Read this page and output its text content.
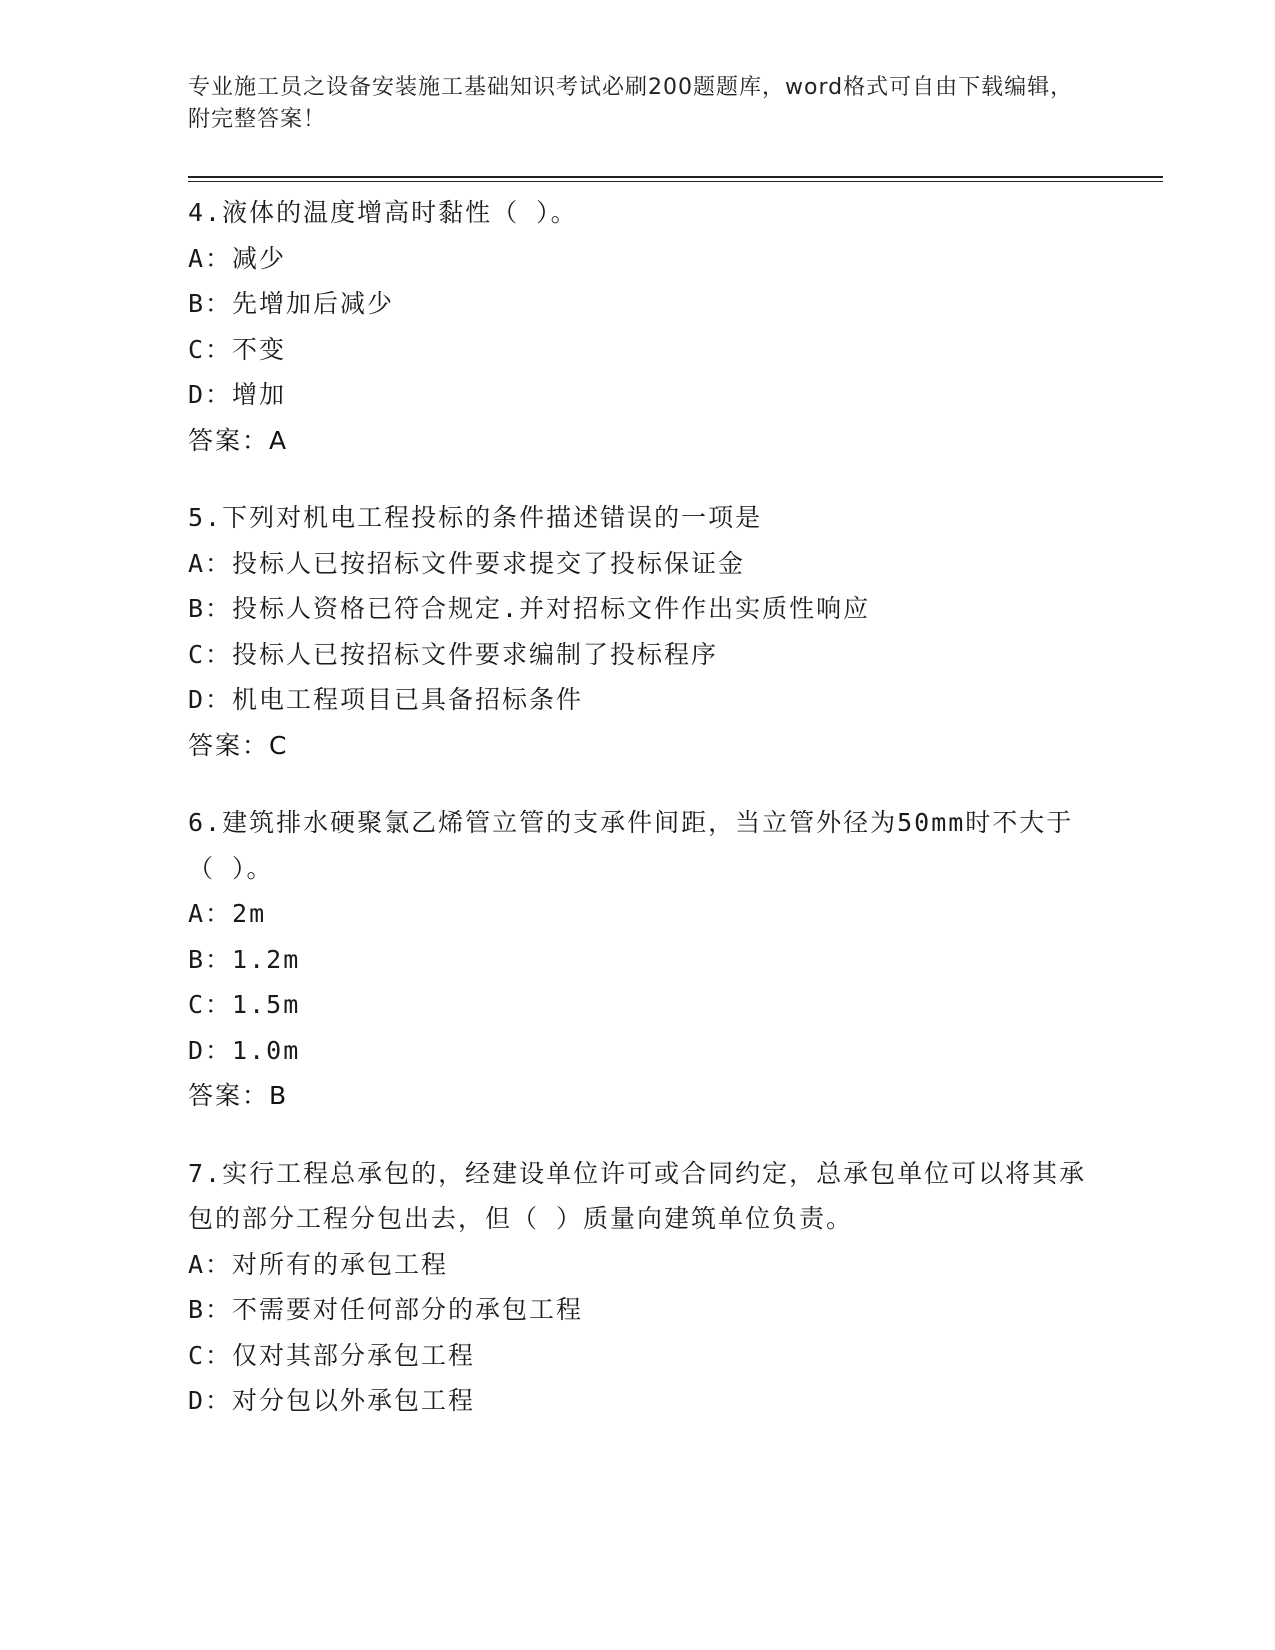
专业施工员之设备安装施工基础知识考试必刷200题题库，word格式可自由下载编辑，附完整答案！
4.液体的温度增高时黏性（ ）。
A：减少
B：先增加后减少
C：不变
D：增加
答案：A
5.下列对机电工程投标的条件描述错误的一项是
A：投标人已按招标文件要求提交了投标保证金
B：投标人资格已符合规定.并对招标文件作出实质性响应
C：投标人已按招标文件要求编制了投标程序
D：机电工程项目已具备招标条件
答案：C
6.建筑排水硬聚氯乙烯管立管的支承件间距，当立管外径为50mm时不大于（ ）。
A：2m
B：1.2m
C：1.5m
D：1.0m
答案：B
7.实行工程总承包的，经建设单位许可或合同约定，总承包单位可以将其承包的部分工程分包出去，但（ ）质量向建筑单位负责。
A：对所有的承包工程
B：不需要对任何部分的承包工程
C：仅对其部分承包工程
D：对分包以外承包工程
